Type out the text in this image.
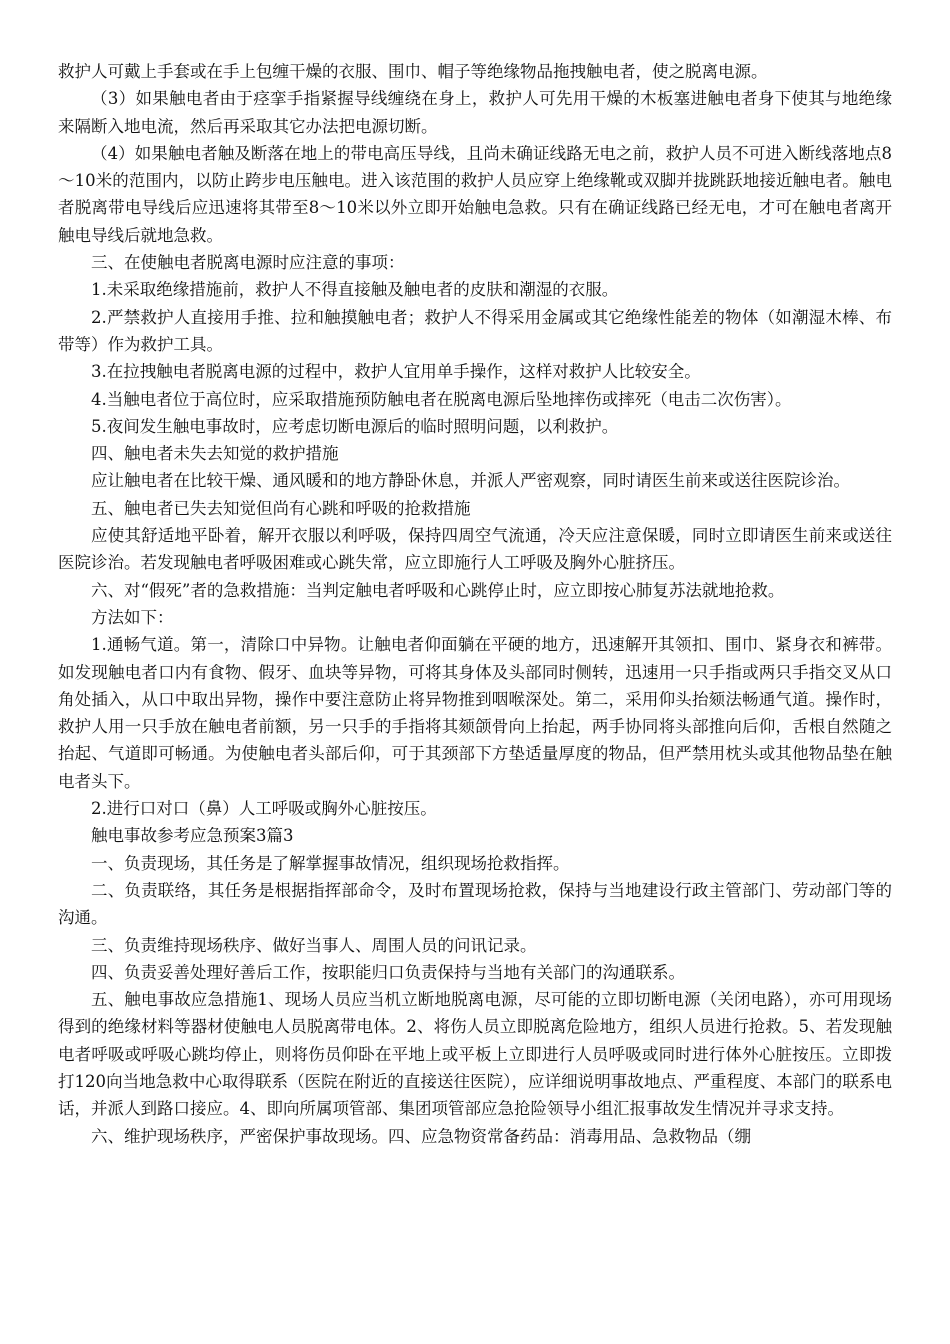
救护人可戴上手套或在手上包缠干燥的衣服、围巾、帽子等绝缘物品拖拽触电者，使之脱离电源。

（3）如果触电者由于痉挛手指紧握导线缠绕在身上，救护人可先用干燥的木板塞进触电者身下使其与地绝缘来隔断入地电流，然后再采取其它办法把电源切断。

（4）如果触电者触及断落在地上的带电高压导线，且尚未确证线路无电之前，救护人员不可进入断线落地点8～10米的范围内，以防止跨步电压触电。进入该范围的救护人员应穿上绝缘靴或双脚并拢跳跃地接近触电者。触电者脱离带电导线后应迅速将其带至8～10米以外立即开始触电急救。只有在确证线路已经无电，才可在触电者离开触电导线后就地急救。

三、在使触电者脱离电源时应注意的事项：

1.未采取绝缘措施前，救护人不得直接触及触电者的皮肤和潮湿的衣服。

2.严禁救护人直接用手推、拉和触摸触电者；救护人不得采用金属或其它绝缘性能差的物体（如潮湿木棒、布带等）作为救护工具。

3.在拉拽触电者脱离电源的过程中，救护人宜用单手操作，这样对救护人比较安全。

4.当触电者位于高位时，应采取措施预防触电者在脱离电源后坠地摔伤或摔死（电击二次伤害）。

5.夜间发生触电事故时，应考虑切断电源后的临时照明问题，以利救护。

四、触电者未失去知觉的救护措施

应让触电者在比较干燥、通风暖和的地方静卧休息，并派人严密观察，同时请医生前来或送往医院诊治。

五、触电者已失去知觉但尚有心跳和呼吸的抢救措施

应使其舒适地平卧着，解开衣服以利呼吸，保持四周空气流通，冷天应注意保暖，同时立即请医生前来或送往医院诊治。若发现触电者呼吸困难或心跳失常，应立即施行人工呼吸及胸外心脏挤压。

六、对“假死”者的急救措施：当判定触电者呼吸和心跳停止时，应立即按心肺复苏法就地抢救。

方法如下：

1.通畅气道。第一，清除口中异物。让触电者仰面躺在平硬的地方，迅速解开其领扣、围巾、紧身衣和裤带。如发现触电者口内有食物、假牙、血块等异物，可将其身体及头部同时侧转，迅速用一只手指或两只手指交叉从口角处插入，从口中取出异物，操作中要注意防止将异物推到咽喉深处。第二，采用仰头抬颏法畅通气道。操作时，救护人用一只手放在触电者前额，另一只手的手指将其颏颌骨向上抬起，两手协同将头部推向后仰，舌根自然随之抬起、气道即可畅通。为使触电者头部后仰，可于其颈部下方垫适量厚度的物品，但严禁用枕头或其他物品垫在触电者头下。

2.进行口对口（鼻）人工呼吸或胸外心脏按压。

触电事故参考应急预案3篇3

一、负责现场，其任务是了解掌握事故情况，组织现场抢救指挥。

二、负责联络，其任务是根据指挥部命令，及时布置现场抢救，保持与当地建设行政主管部门、劳动部门等的沟通。

三、负责维持现场秩序、做好当事人、周围人员的问讯记录。

四、负责妥善处理好善后工作，按职能归口负责保持与当地有关部门的沟通联系。

五、触电事故应急措施1、现场人员应当机立断地脱离电源，尽可能的立即切断电源（关闭电路），亦可用现场得到的绝缘材料等器材使触电人员脱离带电体。2、将伤人员立即脱离危险地方，组织人员进行抢救。5、若发现触电者呼吸或呼吸心跳均停止，则将伤员仰卧在平地上或平板上立即进行人员呼吸或同时进行体外心脏按压。立即拨打120向当地急救中心取得联系（医院在附近的直接送往医院），应详细说明事故地点、严重程度、本部门的联系电话，并派人到路口接应。4、即向所属项管部、集团项管部应急抢险领导小组汇报事故发生情况并寻求支持。

六、维护现场秩序，严密保护事故现场。四、应急物资常备药品：消毒用品、急救物品（绷
